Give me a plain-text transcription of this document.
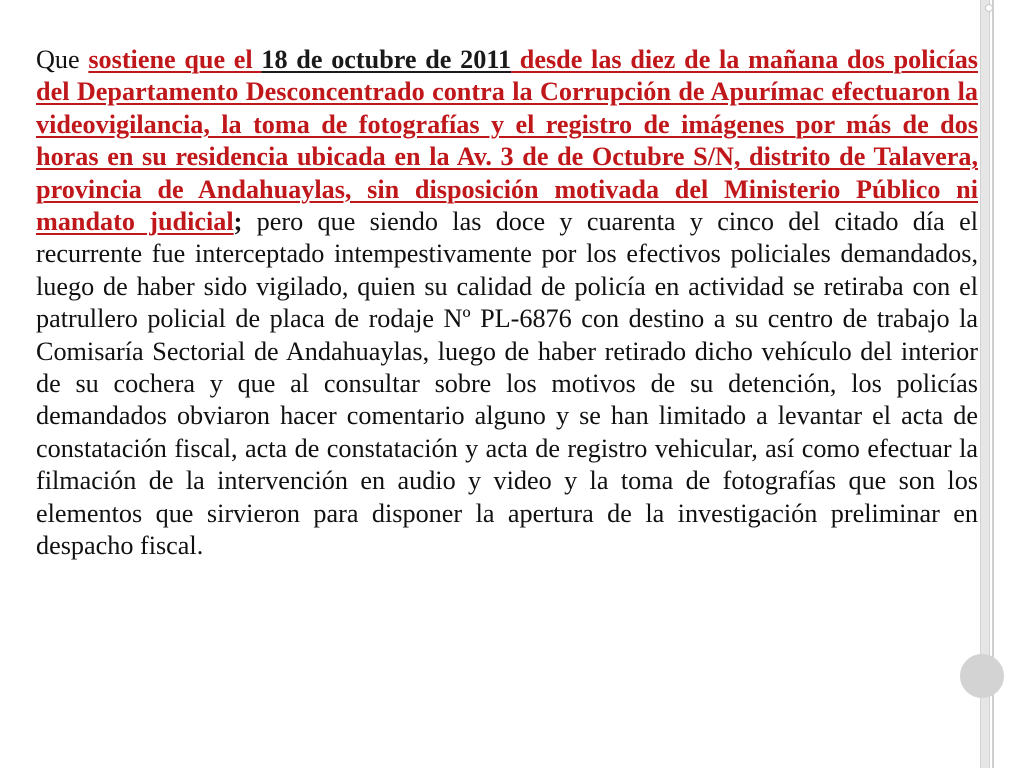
Que sostiene que el 18 de octubre de 2011 desde las diez de la mañana dos policías del Departamento Desconcentrado contra la Corrupción de Apurímac efectuaron la videovigilancia, la toma de fotografías y el registro de imágenes por más de dos horas en su residencia ubicada en la Av. 3 de de Octubre S/N, distrito de Talavera, provincia de Andahuaylas, sin disposición motivada del Ministerio Público ni mandato judicial; pero que siendo las doce y cuarenta y cinco del citado día el recurrente fue interceptado intempestivamente por los efectivos policiales demandados, luego de haber sido vigilado, quien su calidad de policía en actividad se retiraba con el patrullero policial de placa de rodaje Nº PL-6876 con destino a su centro de trabajo la Comisaría Sectorial de Andahuaylas, luego de haber retirado dicho vehículo del interior de su cochera y que al consultar sobre los motivos de su detención, los policías demandados obviaron hacer comentario alguno y se han limitado a levantar el acta de constatación fiscal, acta de constatación y acta de registro vehicular, así como efectuar la filmación de la intervención en audio y video y la toma de fotografías que son los elementos que sirvieron para disponer la apertura de la investigación preliminar en despacho fiscal.
